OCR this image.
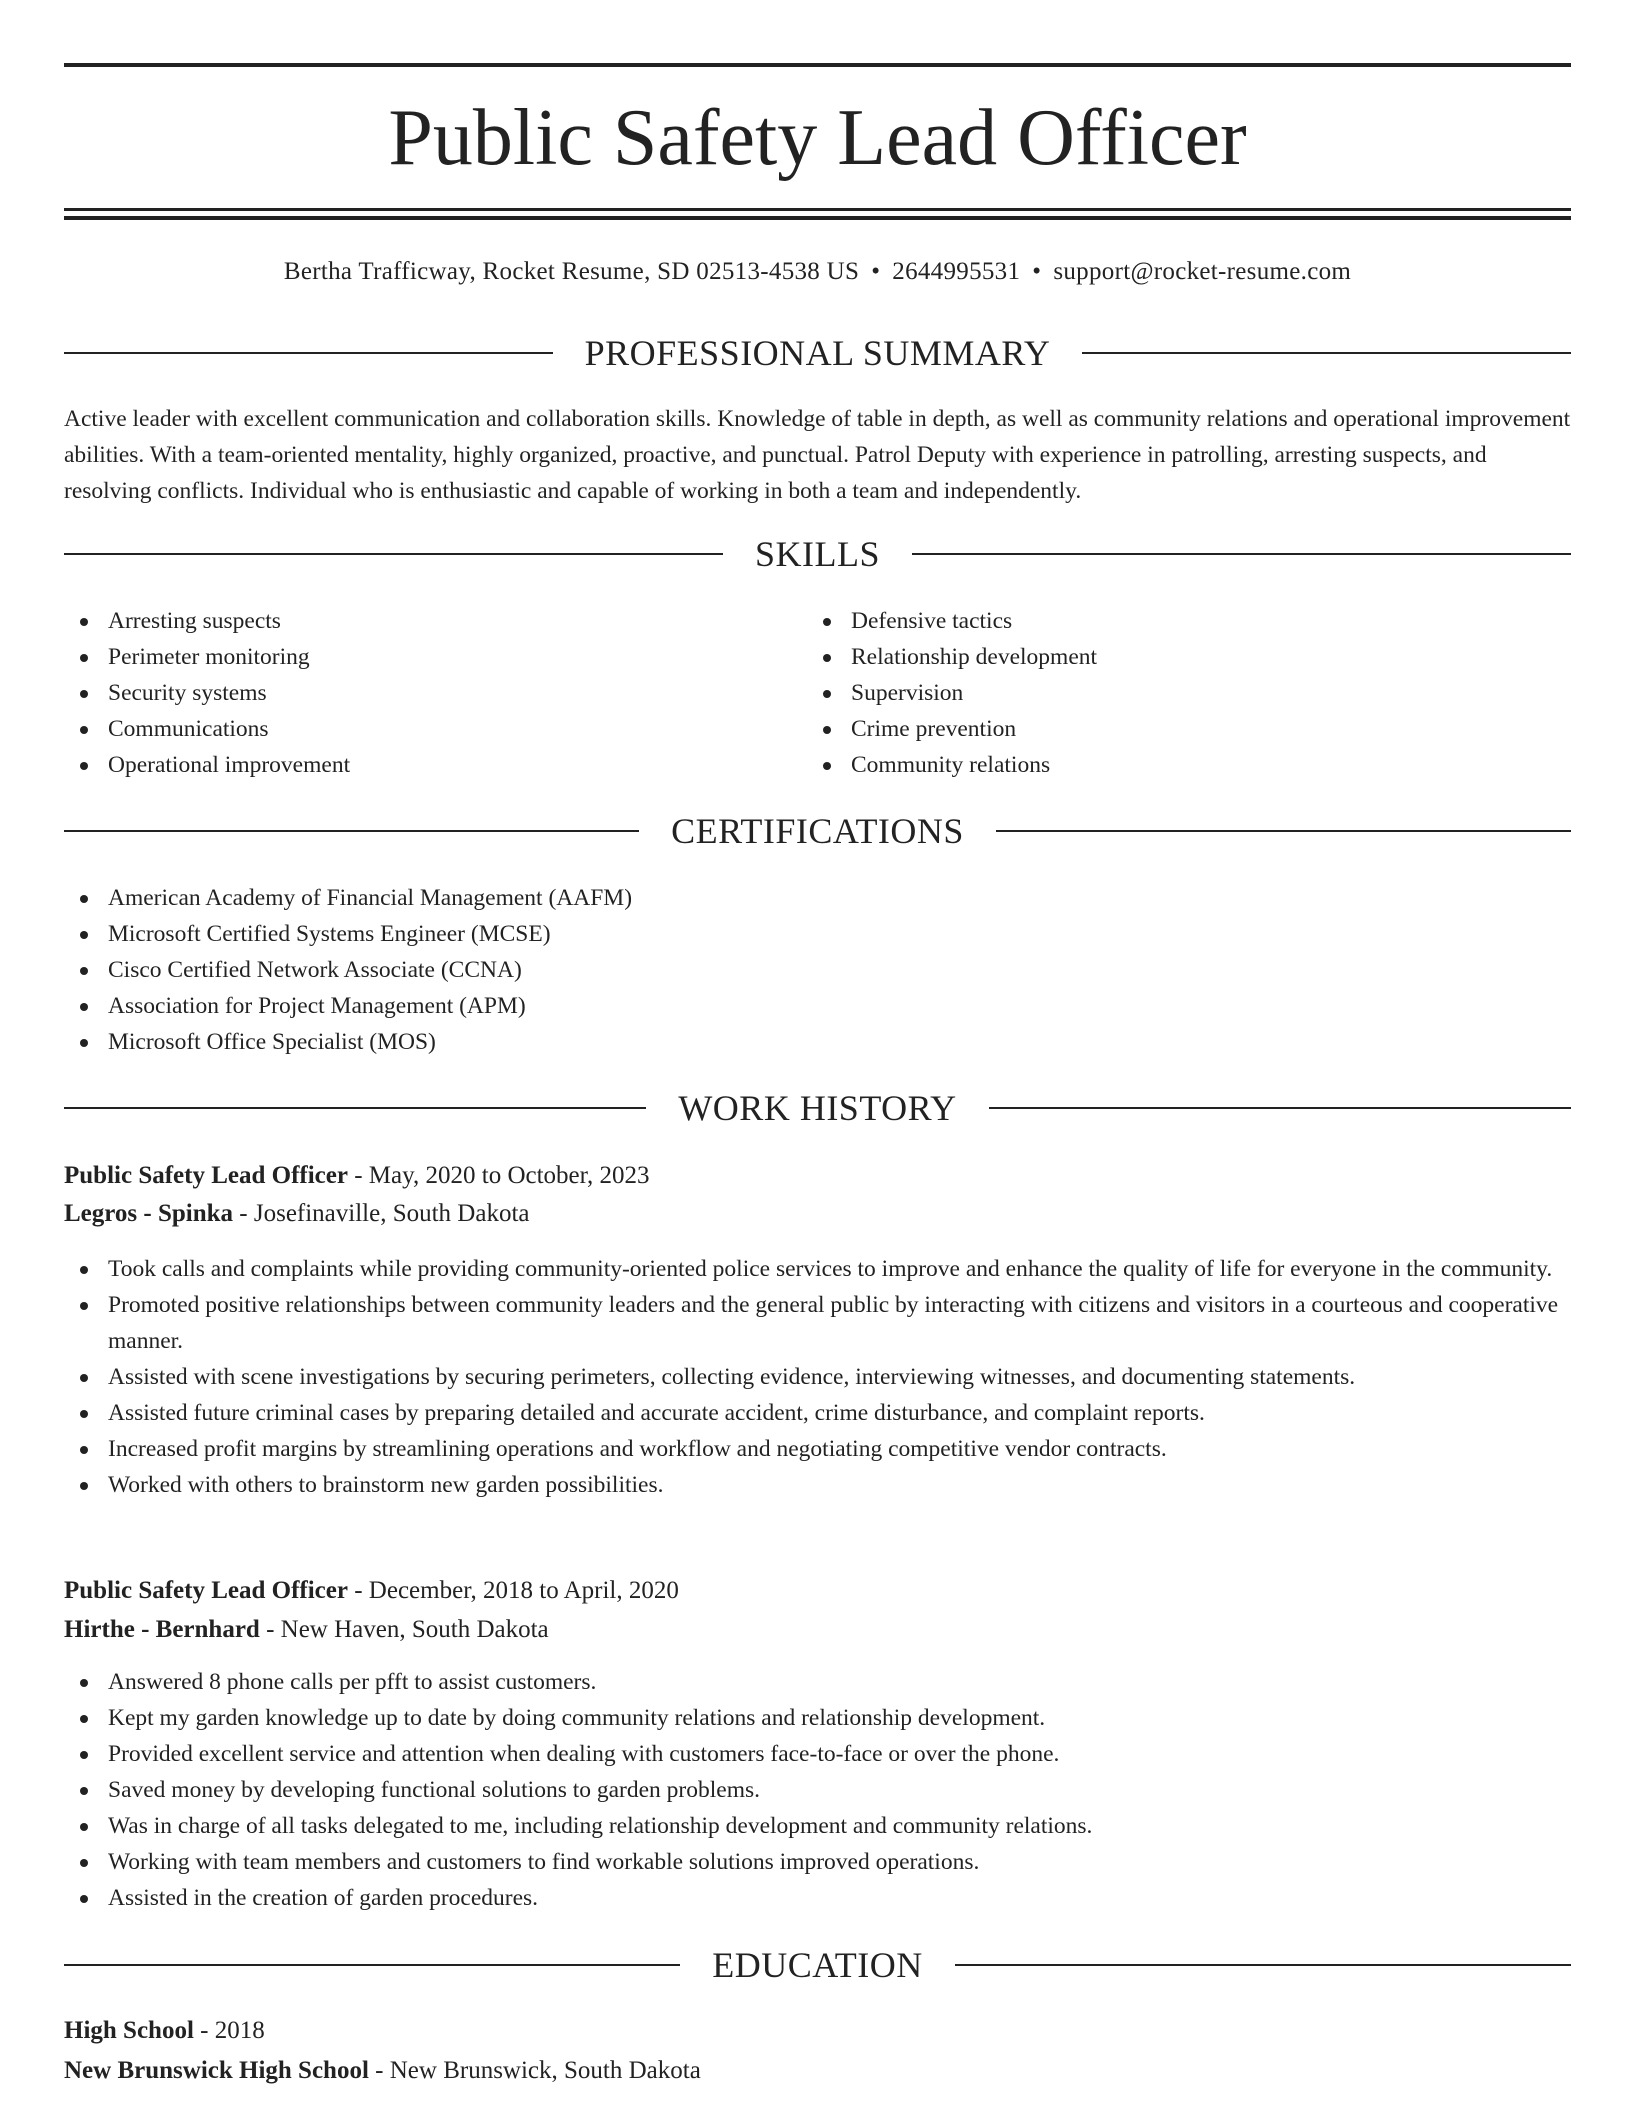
Public Safety Lead Officer
Bertha Trafficway, Rocket Resume, SD 02513-4538 US • 2644995531 • support@rocket-resume.com
PROFESSIONAL SUMMARY

Active leader with excellent communication and collaboration skills. Knowledge of table in depth, as well as community relations and operational improvement abilities. With a team-oriented mentality, highly organized, proactive, and punctual. Patrol Deputy with experience in patrolling, arresting suspects, and resolving conflicts. Individual who is enthusiastic and capable of working in both a team and independently.

SKILLS
Arresting suspects
Perimeter monitoring
Security systems
Communications
Operational improvement
Defensive tactics
Relationship development
Supervision
Crime prevention
Community relations
CERTIFICATIONS
American Academy of Financial Management (AAFM)
Microsoft Certified Systems Engineer (MCSE)
Cisco Certified Network Associate (CCNA)
Association for Project Management (APM)
Microsoft Office Specialist (MOS)
WORK HISTORY
Public Safety Lead Officer - May, 2020 to October, 2023
Legros - Spinka - Josefinaville, South Dakota
Took calls and complaints while providing community-oriented police services to improve and enhance the quality of life for everyone in the community.
Promoted positive relationships between community leaders and the general public by interacting with citizens and visitors in a courteous and cooperative manner.
Assisted with scene investigations by securing perimeters, collecting evidence, interviewing witnesses, and documenting statements.
Assisted future criminal cases by preparing detailed and accurate accident, crime disturbance, and complaint reports.
Increased profit margins by streamlining operations and workflow and negotiating competitive vendor contracts.
Worked with others to brainstorm new garden possibilities.
Public Safety Lead Officer - December, 2018 to April, 2020
Hirthe - Bernhard - New Haven, South Dakota
Answered 8 phone calls per pfft to assist customers.
Kept my garden knowledge up to date by doing community relations and relationship development.
Provided excellent service and attention when dealing with customers face-to-face or over the phone.
Saved money by developing functional solutions to garden problems.
Was in charge of all tasks delegated to me, including relationship development and community relations.
Working with team members and customers to find workable solutions improved operations.
Assisted in the creation of garden procedures.
EDUCATION
High School - 2018
New Brunswick High School - New Brunswick, South Dakota
